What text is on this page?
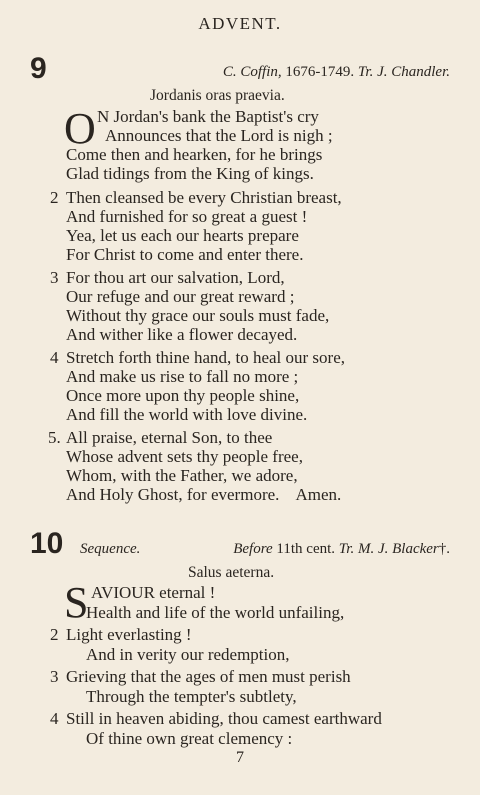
ADVENT.
9	C. Coffin, 1676-1749. Tr. J. Chandler.
Jordanis oras praevia.
O N Jordan's bank the Baptist's cry
Announces that the Lord is nigh ;
Come then and hearken, for he brings
Glad tidings from the King of kings.
2 Then cleansed be every Christian breast,
And furnished for so great a guest !
Yea, let us each our hearts prepare
For Christ to come and enter there.
3 For thou art our salvation, Lord,
Our refuge and our great reward ;
Without thy grace our souls must fade,
And wither like a flower decayed.
4 Stretch forth thine hand, to heal our sore,
And make us rise to fall no more ;
Once more upon thy people shine,
And fill the world with love divine.
5. All praise, eternal Son, to thee
Whose advent sets thy people free,
Whom, with the Father, we adore,
And Holy Ghost, for evermore.    Amen.
10 Sequence.	Before 11th cent. Tr. M. J. Blacker†.
Salus aeterna.
S AVIOUR eternal !
Health and life of the world unfailing,
2 Light everlasting !
And in verity our redemption,
3 Grieving that the ages of men must perish
Through the tempter's subtlety,
4 Still in heaven abiding, thou camest earthward
Of thine own great clemency :
7
